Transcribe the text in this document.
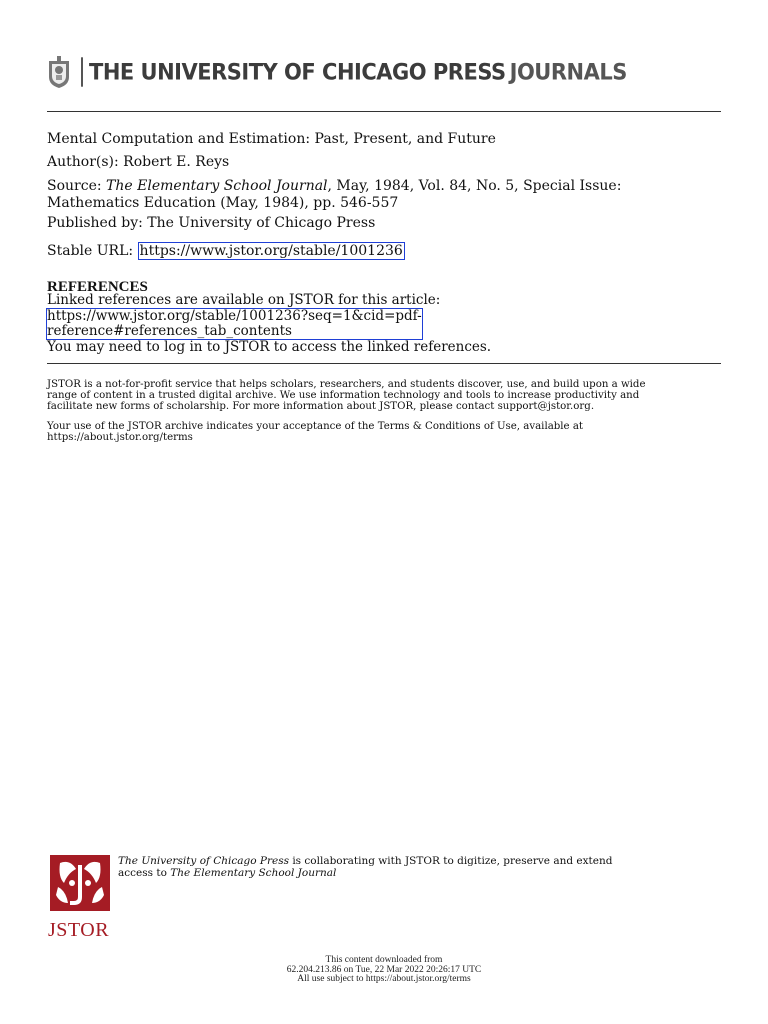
THE UNIVERSITY OF CHICAGO PRESS JOURNALS
Mental Computation and Estimation: Past, Present, and Future
Author(s): Robert E. Reys
Source: The Elementary School Journal, May, 1984, Vol. 84, No. 5, Special Issue:
Mathematics Education (May, 1984), pp. 546-557
Published by: The University of Chicago Press
Stable URL: https://www.jstor.org/stable/1001236
REFERENCES
Linked references are available on JSTOR for this article:
https://www.jstor.org/stable/1001236?seq=1&cid=pdf-
reference#references_tab_contents
You may need to log in to JSTOR to access the linked references.
JSTOR is a not-for-profit service that helps scholars, researchers, and students discover, use, and build upon a wide
range of content in a trusted digital archive. We use information technology and tools to increase productivity and
facilitate new forms of scholarship. For more information about JSTOR, please contact support@jstor.org.
Your use of the JSTOR archive indicates your acceptance of the Terms & Conditions of Use, available at
https://about.jstor.org/terms
JSTOR
The University of Chicago Press is collaborating with JSTOR to digitize, preserve and extend
access to The Elementary School Journal
This content downloaded from
62.204.213.86 on Tue, 22 Mar 2022 20:26:17 UTC
All use subject to https://about.jstor.org/terms
